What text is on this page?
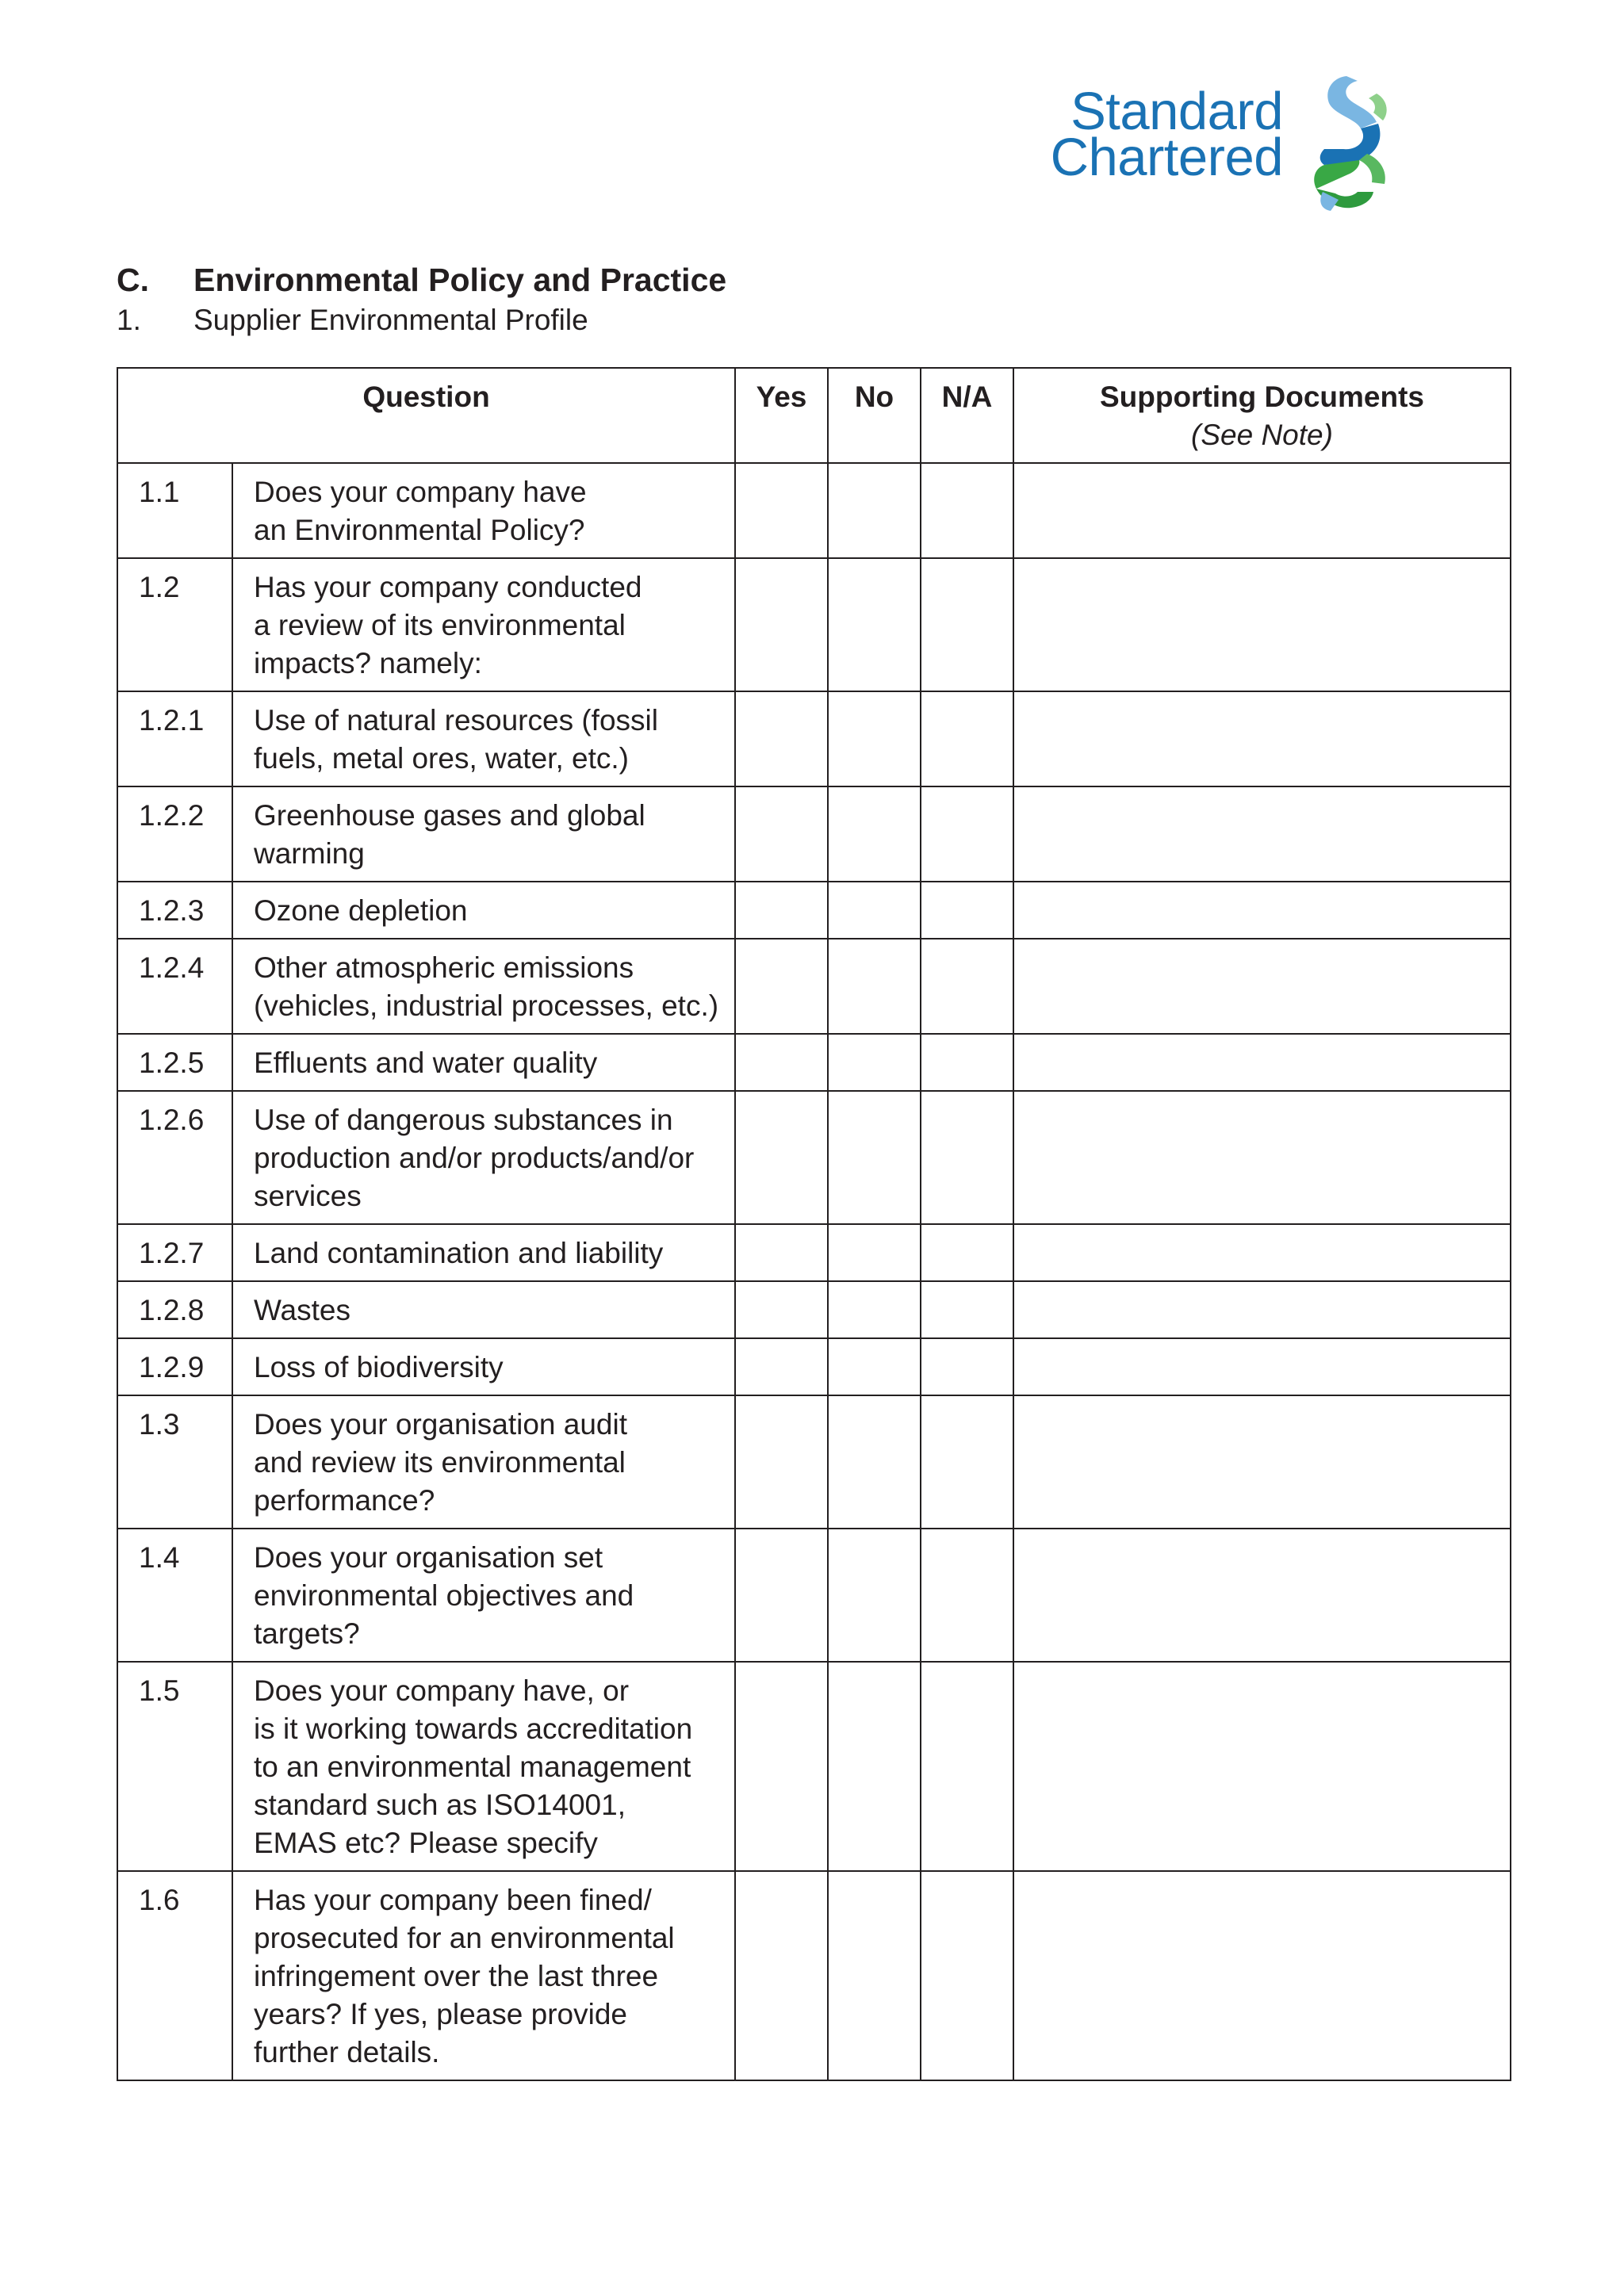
Standard
Chartered
C. Environmental Policy and Practice
1. Supplier Environmental Profile
Question		Yes	No	N/A	Supporting Documents
(See Note)

1.1	Does your company have
an Environmental Policy?				
1.2	Has your company conducted
a review of its environmental
impacts? namely:				
1.2.1	Use of natural resources (fossil
fuels, metal ores, water, etc.)				
1.2.2	Greenhouse gases and global
warming				
1.2.3	Ozone depletion				
1.2.4	Other atmospheric emissions
(vehicles, industrial processes, etc.)				
1.2.5	Effluents and water quality				
1.2.6	Use of dangerous substances in
production and/or products/and/or
services				
1.2.7	Land contamination and liability				
1.2.8	Wastes				
1.2.9	Loss of biodiversity				
1.3	Does your organisation audit
and review its environmental
performance?				
1.4	Does your organisation set
environmental objectives and
targets?				
1.5	Does your company have, or
is it working towards accreditation
to an environmental management
standard such as ISO14001,
EMAS etc? Please specify				
1.6	Has your company been fined/
prosecuted for an environmental
infringement over the last three
years? If yes, please provide
further details.				
